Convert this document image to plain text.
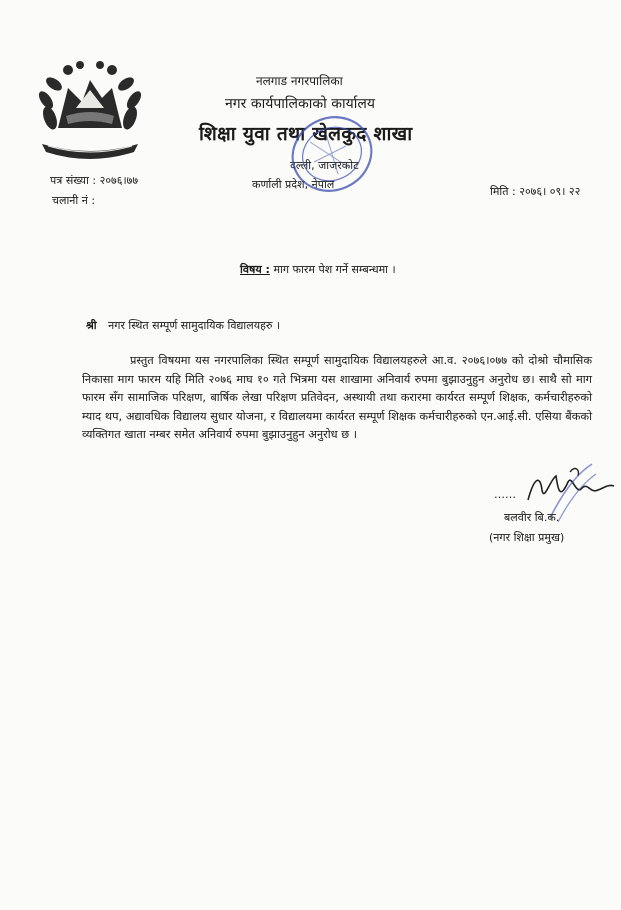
नलगाड नगरपालिका
नगर कार्यपालिकाको कार्यालय
शिक्षा युवा तथा खेलकुद शाखा
दल्ली, जाजरकोट
कर्णाली प्रदेश, नेपाल
पत्र संख्या : २०७६।७७
चलानी नं :
मिति : २०७६। ०९। २२
विषय : माग फारम पेश गर्ने सम्बन्धमा ।
श्री नगर स्थित सम्पूर्ण सामुदायिक विद्यालयहरु ।
प्रस्तुत विषयमा यस नगरपालिका स्थित सम्पूर्ण सामुदायिक विद्यालयहरुले आ.व. २०७६।०७७ को दोश्रो चौमासिक निकासा माग फारम यहि मिति २०७६ माघ १० गते भित्रमा यस शाखामा अनिवार्य रुपमा बुझाउनुहुन अनुरोध छ। साथै सो माग फारम सँग सामाजिक परिक्षण, बार्षिक लेखा परिक्षण प्रतिवेदन, अस्थायी तथा करारमा कार्यरत सम्पूर्ण शिक्षक, कर्मचारीहरुको म्याद थप, अद्यावधिक विद्यालय सुधार योजना, र विद्यालयमा कार्यरत सम्पूर्ण शिक्षक कर्मचारीहरुको एन.आई.सी. एसिया बैंकको व्यक्तिगत खाता नम्बर समेत अनिवार्य रुपमा बुझाउनुहुन अनुरोध छ ।
……
बलवीर बि.क.
(नगर शिक्षा प्रमुख)
